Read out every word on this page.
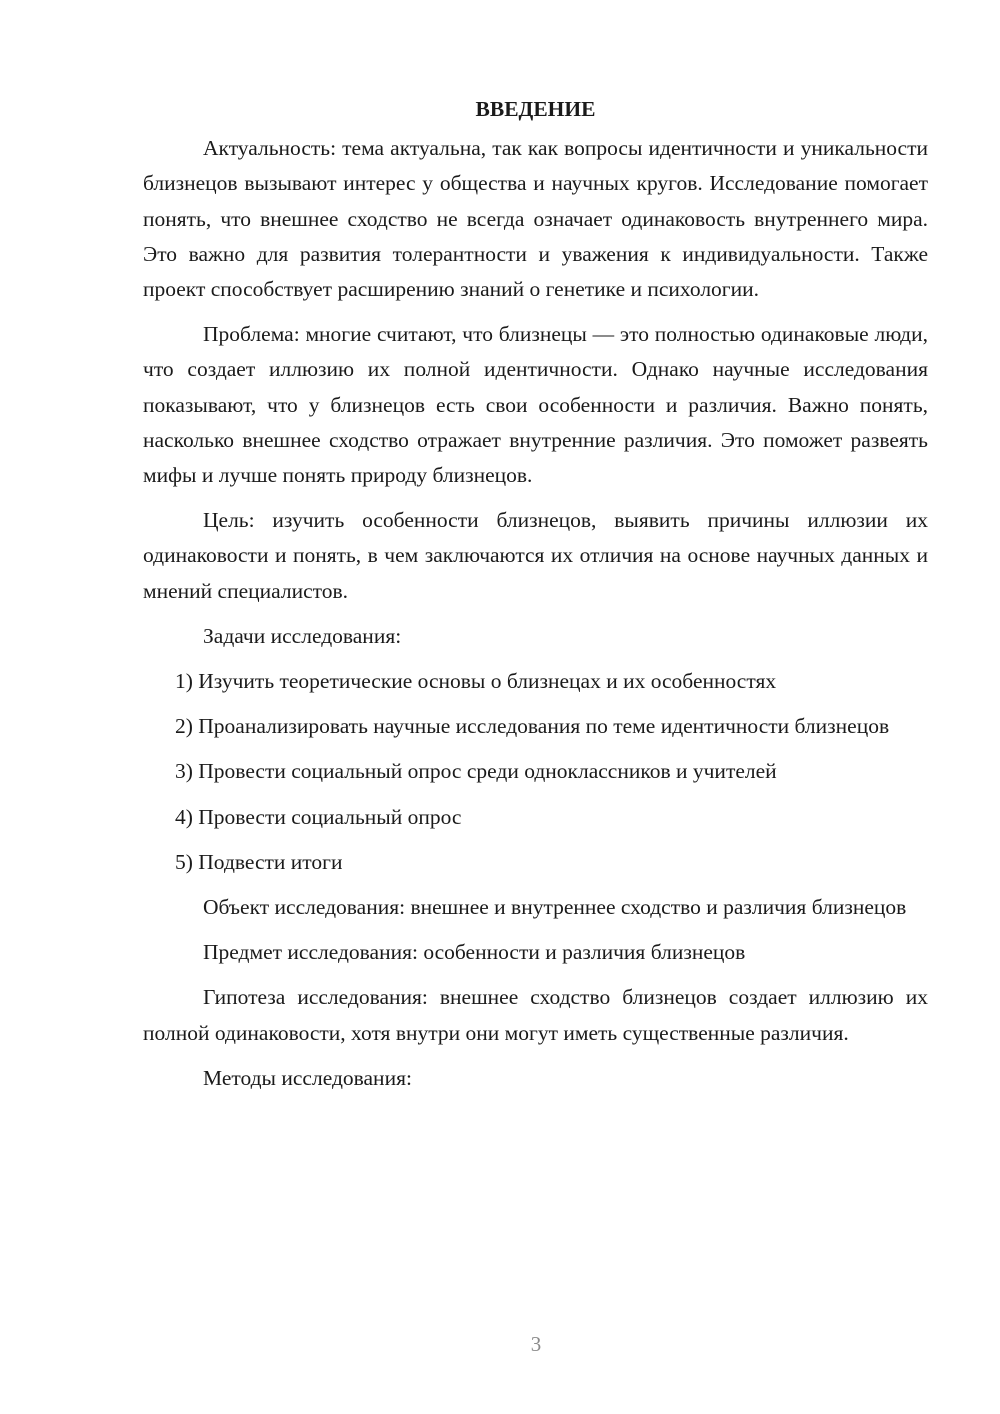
ВВЕДЕНИЕ

Актуальность: тема актуальна, так как вопросы идентичности и уникальности близнецов вызывают интерес у общества и научных кругов. Исследование помогает понять, что внешнее сходство не всегда означает одинаковость внутреннего мира. Это важно для развития толерантности и уважения к индивидуальности. Также проект способствует расширению знаний о генетике и психологии.

Проблема: многие считают, что близнецы — это полностью одинаковые люди, что создает иллюзию их полной идентичности. Однако научные исследования показывают, что у близнецов есть свои особенности и различия. Важно понять, насколько внешнее сходство отражает внутренние различия. Это поможет развеять мифы и лучше понять природу близнецов.

Цель: изучить особенности близнецов, выявить причины иллюзии их одинаковости и понять, в чем заключаются их отличия на основе научных данных и мнений специалистов.

Задачи исследования:

1) Изучить теоретические основы о близнецах и их особенностях

2) Проанализировать научные исследования по теме идентичности близнецов

3) Провести социальный опрос среди одноклассников и учителей

4) Провести социальный опрос

5) Подвести итоги

Объект исследования: внешнее и внутреннее сходство и различия близнецов

Предмет исследования: особенности и различия близнецов

Гипотеза исследования: внешнее сходство близнецов создает иллюзию их полной одинаковости, хотя внутри они могут иметь существенные различия.

Методы исследования:

3
